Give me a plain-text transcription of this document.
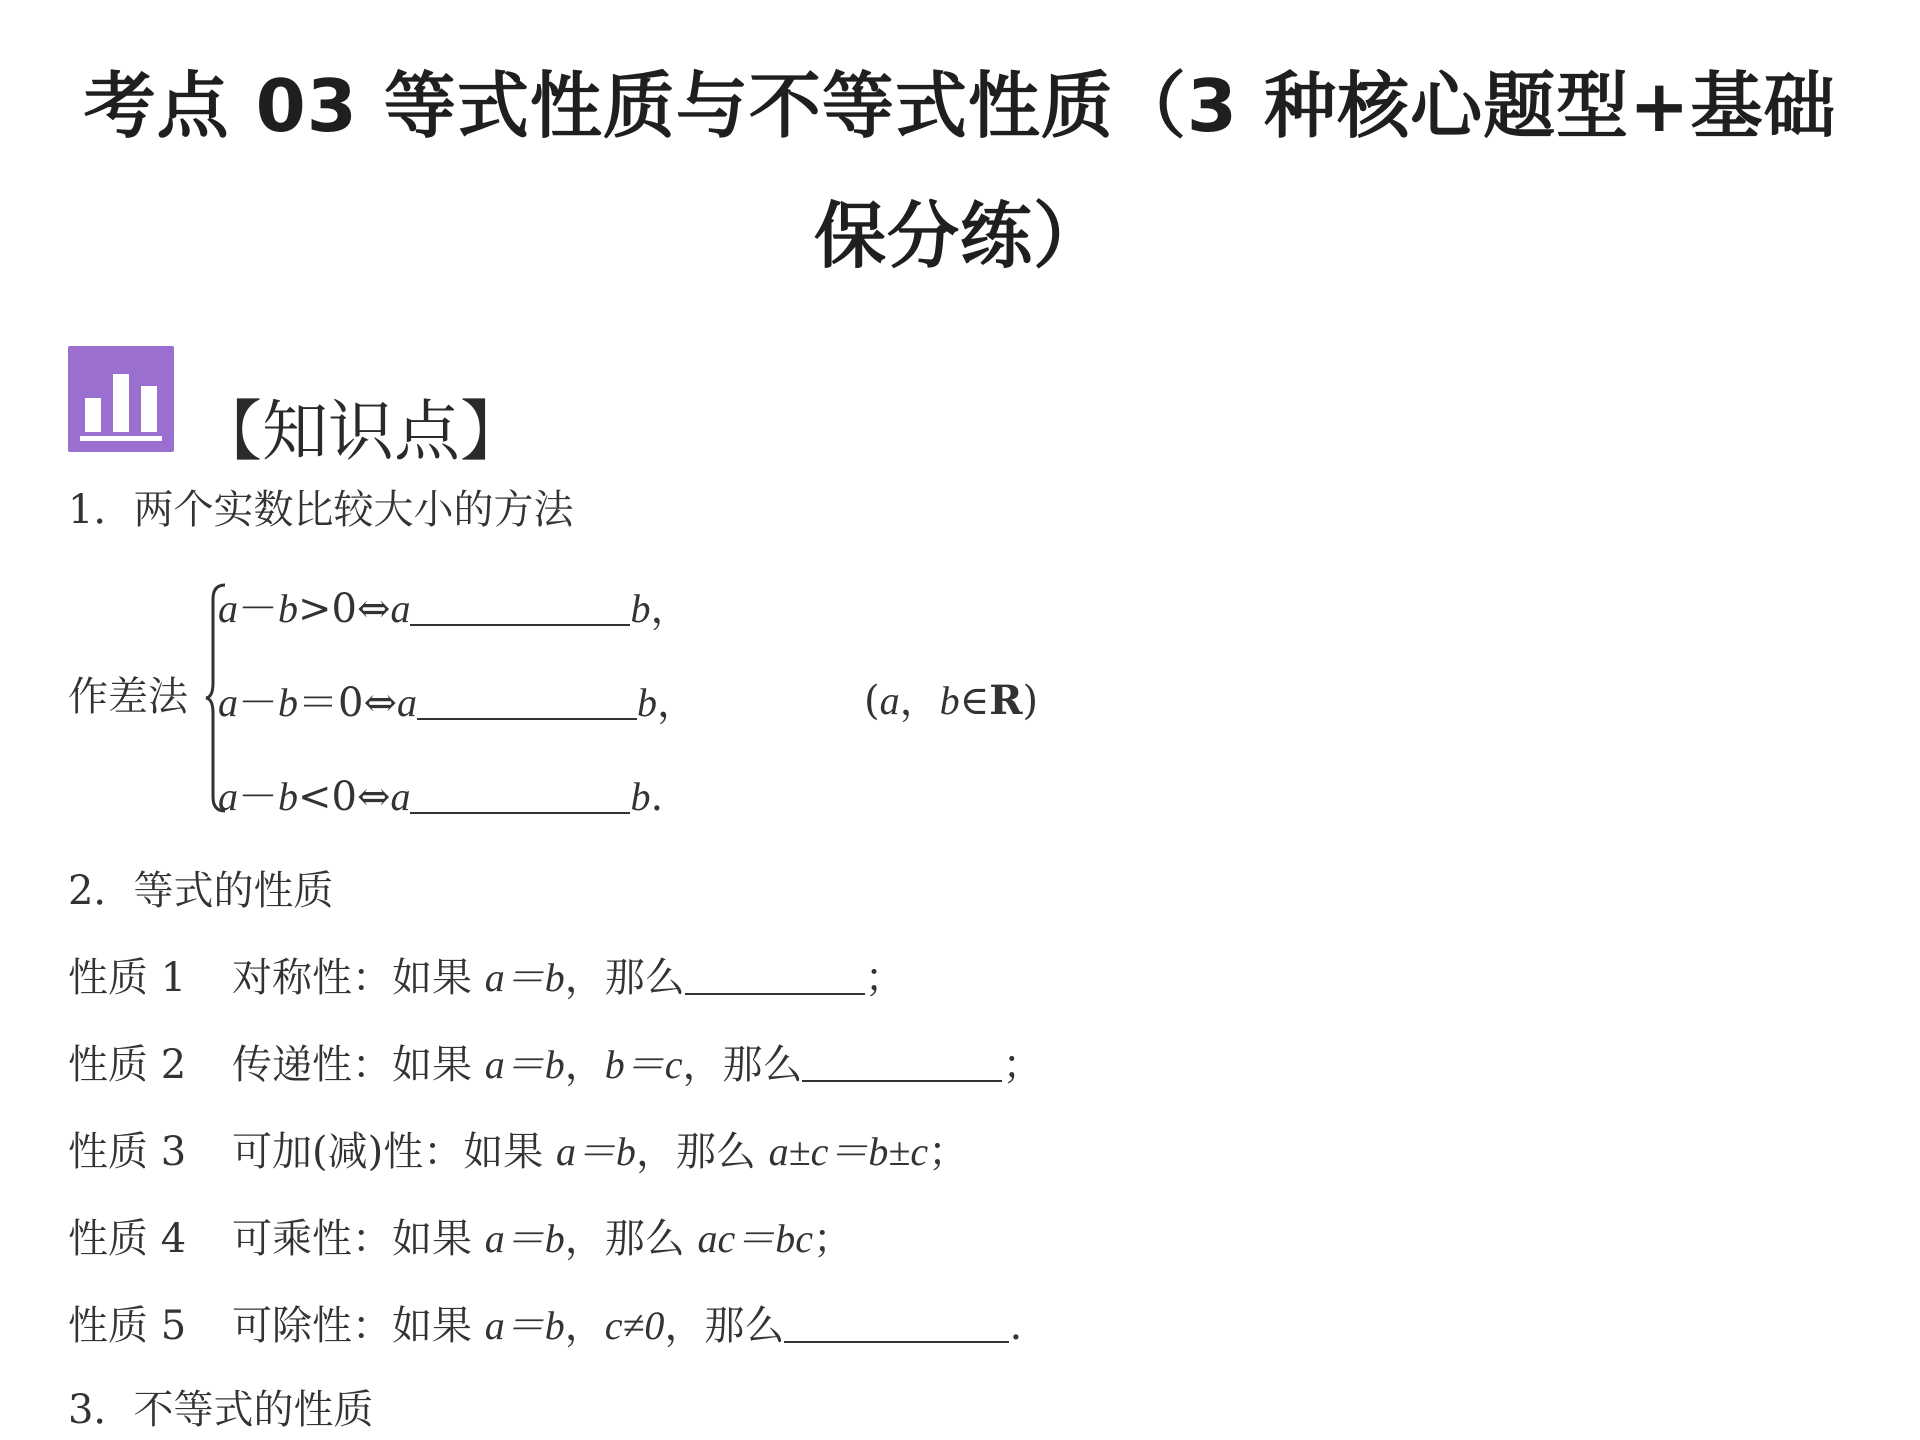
考点 03 等式性质与不等式性质（3 种核心题型+基础
保分练）
【知识点】
1．两个实数比较大小的方法
作差法
a－b>0⇔a	b，
a－b＝0⇔a	b，
a－b<0⇔a	b.
(a，b∈R)
2．等式的性质
性质 1 对称性：如果 a＝b，那么	；
性质 2 传递性：如果 a＝b，b＝c，那么	；
性质 3 可加(减)性：如果 a＝b，那么 a±c＝b±c；
性质 4 可乘性：如果 a＝b，那么 ac＝bc；
性质 5 可除性：如果 a＝b，c≠0，那么	.
3．不等式的性质
